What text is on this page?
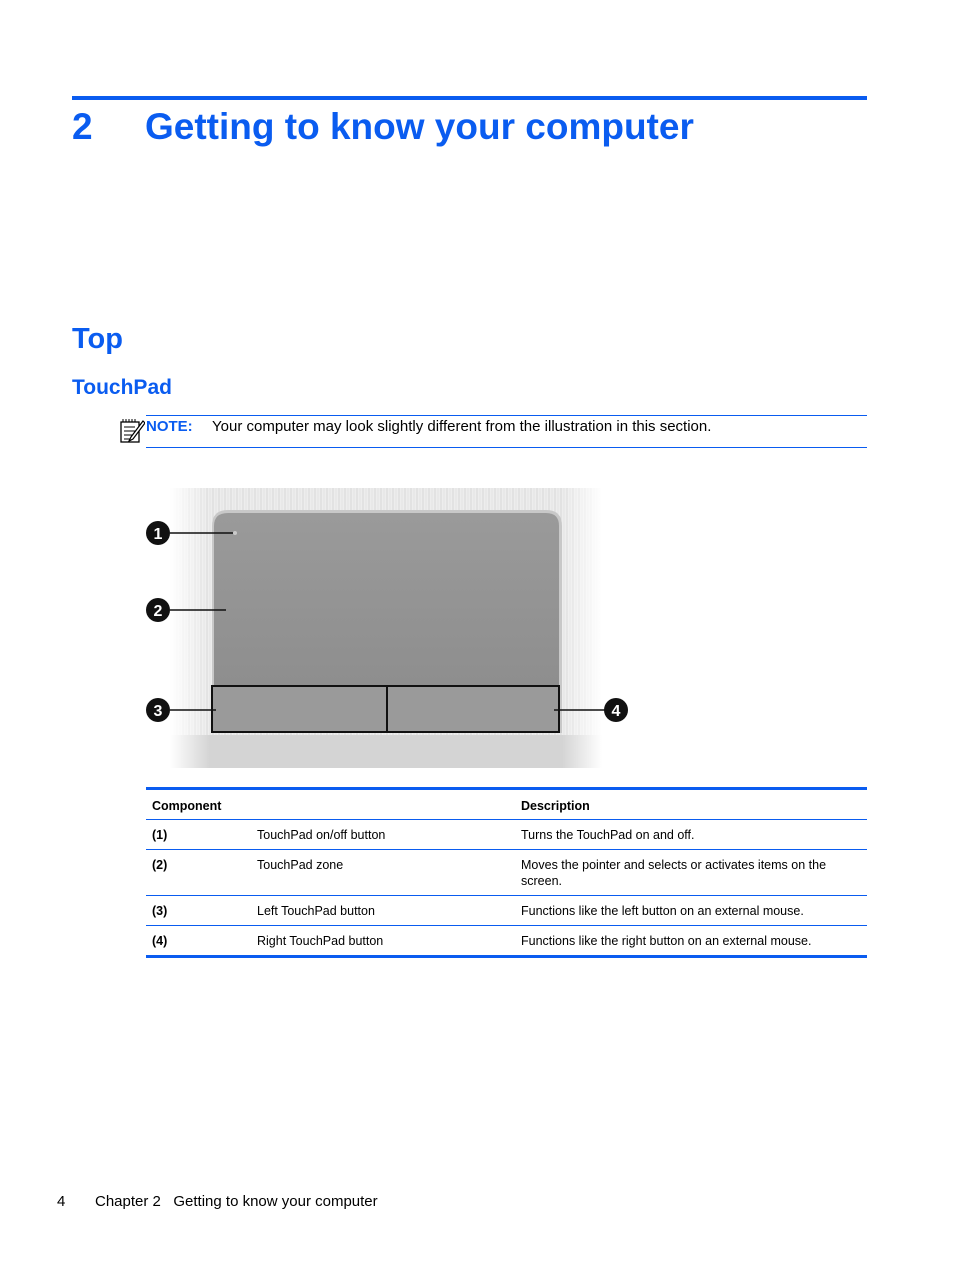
2 Getting to know your computer
Top
TouchPad
NOTE: Your computer may look slightly different from the illustration in this section.
1
2
3	4
Component		Description
(1)	TouchPad on/off button	Turns the TouchPad on and off.
(2)	TouchPad zone	Moves the pointer and selects or activates items on the screen.
(3)	Left TouchPad button	Functions like the left button on an external mouse.
(4)	Right TouchPad button	Functions like the right button on an external mouse.
4 Chapter 2   Getting to know your computer
